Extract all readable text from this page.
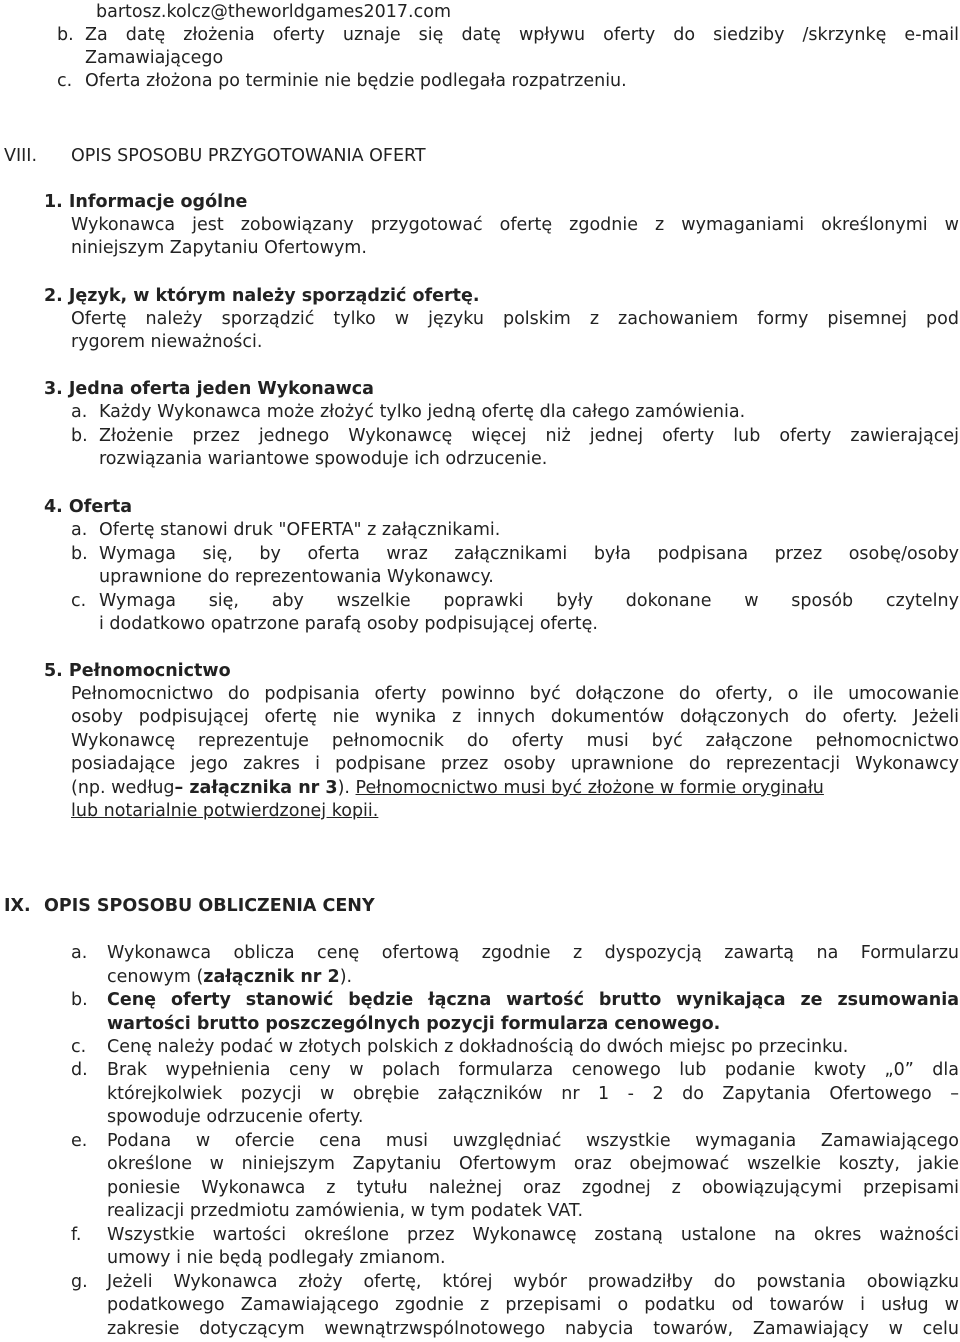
bartosz.kolcz@theworldgames2017.com
b. Za datę złożenia oferty uznaje się datę wpływu oferty do siedziby /skrzynkę e-mail
Zamawiającego
c. Oferta złożona po terminie nie będzie podlegała rozpatrzeniu.
VIII. OPIS SPOSOBU PRZYGOTOWANIA OFERT
1. Informacje ogólne
Wykonawca jest zobowiązany przygotować ofertę zgodnie z wymaganiami określonymi w
niniejszym Zapytaniu Ofertowym.
2. Język, w którym należy sporządzić ofertę.
Ofertę należy sporządzić tylko w języku polskim z zachowaniem formy pisemnej pod
rygorem nieważności.
3. Jedna oferta jeden Wykonawca
a. Każdy Wykonawca może złożyć tylko jedną ofertę dla całego zamówienia.
b. Złożenie przez jednego Wykonawcę więcej niż jednej oferty lub oferty zawierającej
rozwiązania wariantowe spowoduje ich odrzucenie.
4. Oferta
a. Ofertę stanowi druk "OFERTA" z załącznikami.
b. Wymaga się, by oferta wraz załącznikami była podpisana przez osobę/osoby
uprawnione do reprezentowania Wykonawcy.
c. Wymaga się, aby wszelkie poprawki były dokonane w sposób czytelny
i dodatkowo opatrzone parafą osoby podpisującej ofertę.
5. Pełnomocnictwo
Pełnomocnictwo do podpisania oferty powinno być dołączone do oferty, o ile umocowanie
osoby podpisującej ofertę nie wynika z innych dokumentów dołączonych do oferty. Jeżeli
Wykonawcę reprezentuje pełnomocnik do oferty musi być załączone pełnomocnictwo
posiadające jego zakres i podpisane przez osoby uprawnione do reprezentacji Wykonawcy
(np. według– załącznika nr 3). Pełnomocnictwo musi być złożone w formie oryginału
lub notarialnie potwierdzonej kopii.
IX. OPIS SPOSOBU OBLICZENIA CENY
a. Wykonawca oblicza cenę ofertową zgodnie z dyspozycją zawartą na Formularzu
cenowym (załącznik nr 2).
b. Cenę oferty stanowić będzie łączna wartość brutto wynikająca ze zsumowania
wartości brutto poszczególnych pozycji formularza cenowego.
c. Cenę należy podać w złotych polskich z dokładnością do dwóch miejsc po przecinku.
d. Brak wypełnienia ceny w polach formularza cenowego lub podanie kwoty „0” dla
którejkolwiek pozycji w obrębie załączników nr 1 - 2 do Zapytania Ofertowego –
spowoduje odrzucenie oferty.
e. Podana w ofercie cena musi uwzględniać wszystkie wymagania Zamawiającego
określone w niniejszym Zapytaniu Ofertowym oraz obejmować wszelkie koszty, jakie
poniesie Wykonawca z tytułu należnej oraz zgodnej z obowiązującymi przepisami
realizacji przedmiotu zamówienia, w tym podatek VAT.
f. Wszystkie wartości określone przez Wykonawcę zostaną ustalone na okres ważności
umowy i nie będą podlegały zmianom.
g. Jeżeli Wykonawca złoży ofertę, której wybór prowadziłby do powstania obowiązku
podatkowego Zamawiającego zgodnie z przepisami o podatku od towarów i usług w
zakresie dotyczącym wewnątrzwspólnotowego nabycia towarów, Zamawiający w celu
